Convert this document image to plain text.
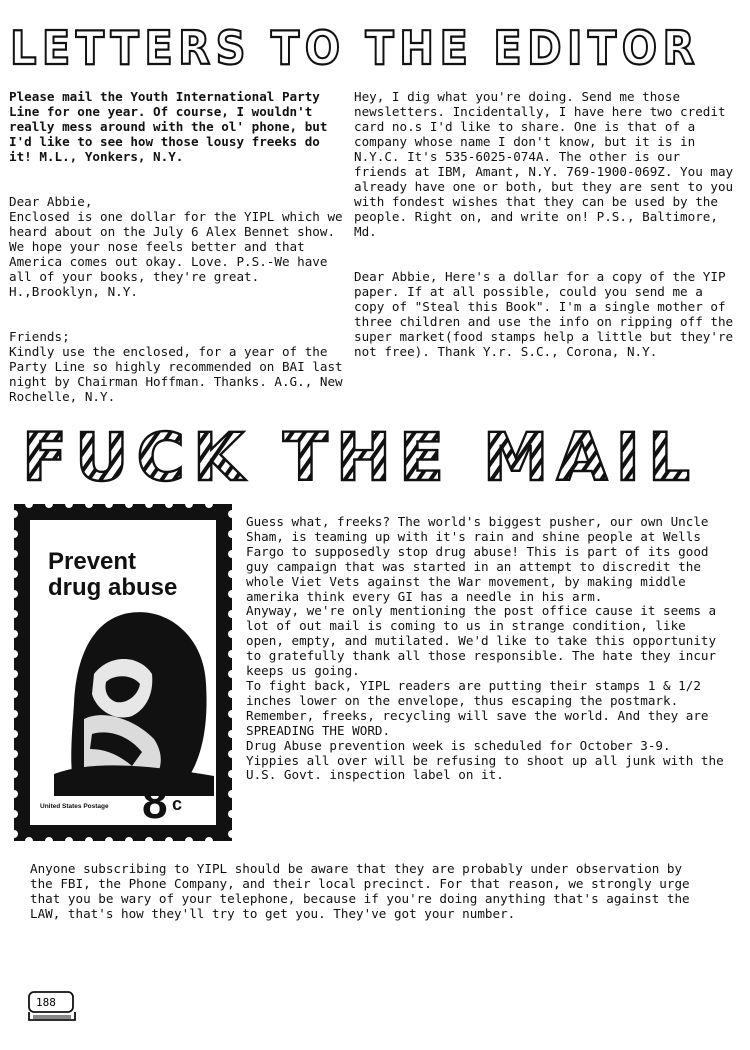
LETTERS TO THE EDITOR

Please mail the Youth International Party Line for one year. Of course, I wouldn't really mess around with the ol' phone, but I'd like to see how those lousy freeks do it! M.L., Yonkers, N.Y.

Dear Abbie,
Enclosed is one dollar for the YIPL which we heard about on the July 6 Alex Bennet show.
We hope your nose feels better and that America comes out okay. Love. P.S.-We have all of your books, they're great. H.,Brooklyn, N.Y.

Friends;
Kindly use the enclosed, for a year of the Party Line so highly recommended on BAI last night by Chairman Hoffman. Thanks. A.G., New Rochelle, N.Y.

Hey, I dig what you're doing. Send me those newsletters. Incidentally, I have here two credit card no.s I'd like to share. One is that of a company whose name I don't know, but it is in N.Y.C. It's 535-6025-074A. The other is our friends at IBM, Amant, N.Y. 769-1900-069Z. You may already have one or both, but they are sent to you with fondest wishes that they can be used by the people. Right on, and write on! P.S., Baltimore, Md.

Dear Abbie, Here's a dollar for a copy of the YIP paper. If at all possible, could you send me a copy of "Steal this Book". I'm a single mother of three children and use the info on ripping off the super market(food stamps help a little but they're not free). Thank Y.r. S.C., Corona, N.Y.

FUCK THE MAIL
Prevent
drug abuse
United States Postage 8 c

Guess what, freeks? The world's biggest pusher, our own Uncle Sham, is teaming up with it's rain and shine people at Wells Fargo to supposedly stop drug abuse! This is part of its good guy campaign that was started in an attempt to discredit the whole Viet Vets against the War movement, by making middle amerika think every GI has a needle in his arm.

Anyway, we're only mentioning the post office cause it seems a lot of out mail is coming to us in strange condition, like open, empty, and mutilated. We'd like to take this opportunity to gratefully thank all those responsible. The hate they incur keeps us going.

To fight back, YIPL readers are putting their stamps 1 & 1/2 inches lower on the envelope, thus escaping the postmark. Remember, freeks, recycling will save the world. And they are SPREADING THE WORD.

Drug Abuse prevention week is scheduled for October 3-9. Yippies all over will be refusing to shoot up all junk with the U.S. Govt. inspection label on it.

Anyone subscribing to YIPL should be aware that they are probably under observation by the FBI, the Phone Company, and their local precinct. For that reason, we strongly urge that you be wary of your telephone, because if you're doing anything that's against the LAW, that's how they'll try to get you. They've got your number.

188
